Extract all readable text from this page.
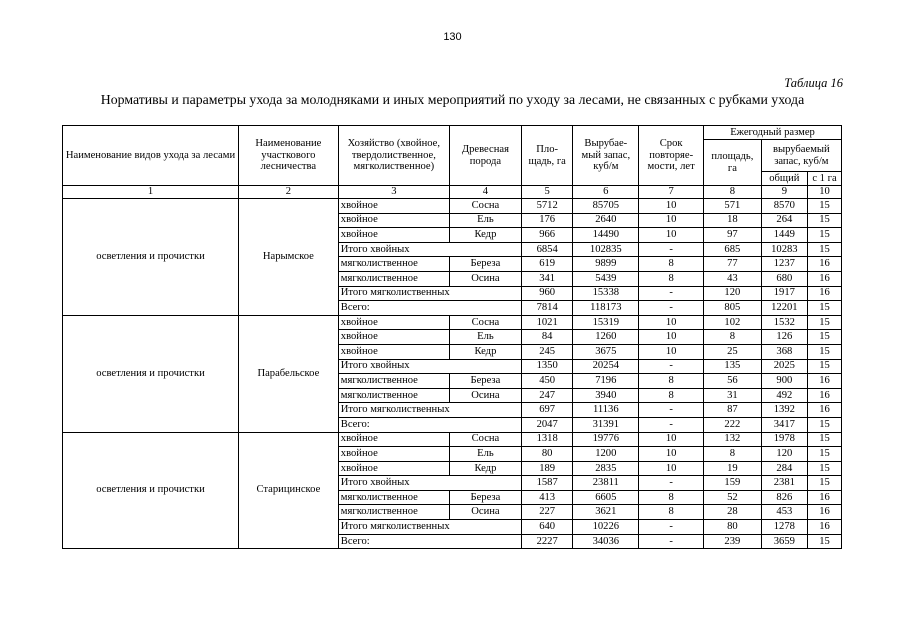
130
Таблица 16
Нормативы и параметры ухода за молодняками и иных мероприятий по уходу за лесами, не связанных с рубками ухода
Наименование видов ухода за лесами	Наименование участкового лесничества	Хозяйство (хвойное, твердолиственное, мягколиственное)	Древесная порода	Пло- щадь, га	Вырубае- мый запас, куб/м	Срок повторяе- мости, лет	Ежегодный размер		
							площадь, га	вырубаемый запас, куб/м	
								общий	с 1 га
1	2	3	4	5	6	7	8	9	10
осветления и прочистки	Нарымское	хвойное	Сосна	5712	85705	10	571	8570	15
		хвойное	Ель	176	2640	10	18	264	15
		хвойное	Кедр	966	14490	10	97	1449	15
		Итого хвойных		6854	102835	-	685	10283	15
		мягколиственное	Береза	619	9899	8	77	1237	16
		мягколиственное	Осина	341	5439	8	43	680	16
		Итого мягколиственных		960	15338	-	120	1917	16
		Всего:		7814	118173	-	805	12201	15
осветления и прочистки	Парабельское	хвойное	Сосна	1021	15319	10	102	1532	15
		хвойное	Ель	84	1260	10	8	126	15
		хвойное	Кедр	245	3675	10	25	368	15
		Итого хвойных		1350	20254	-	135	2025	15
		мягколиственное	Береза	450	7196	8	56	900	16
		мягколиственное	Осина	247	3940	8	31	492	16
		Итого мягколиственных		697	11136	-	87	1392	16
		Всего:		2047	31391	-	222	3417	15
осветления и прочистки	Старицинское	хвойное	Сосна	1318	19776	10	132	1978	15
		хвойное	Ель	80	1200	10	8	120	15
		хвойное	Кедр	189	2835	10	19	284	15
		Итого хвойных		1587	23811	-	159	2381	15
		мягколиственное	Береза	413	6605	8	52	826	16
		мягколиственное	Осина	227	3621	8	28	453	16
		Итого мягколиственных		640	10226	-	80	1278	16
		Всего:		2227	34036	-	239	3659	15
